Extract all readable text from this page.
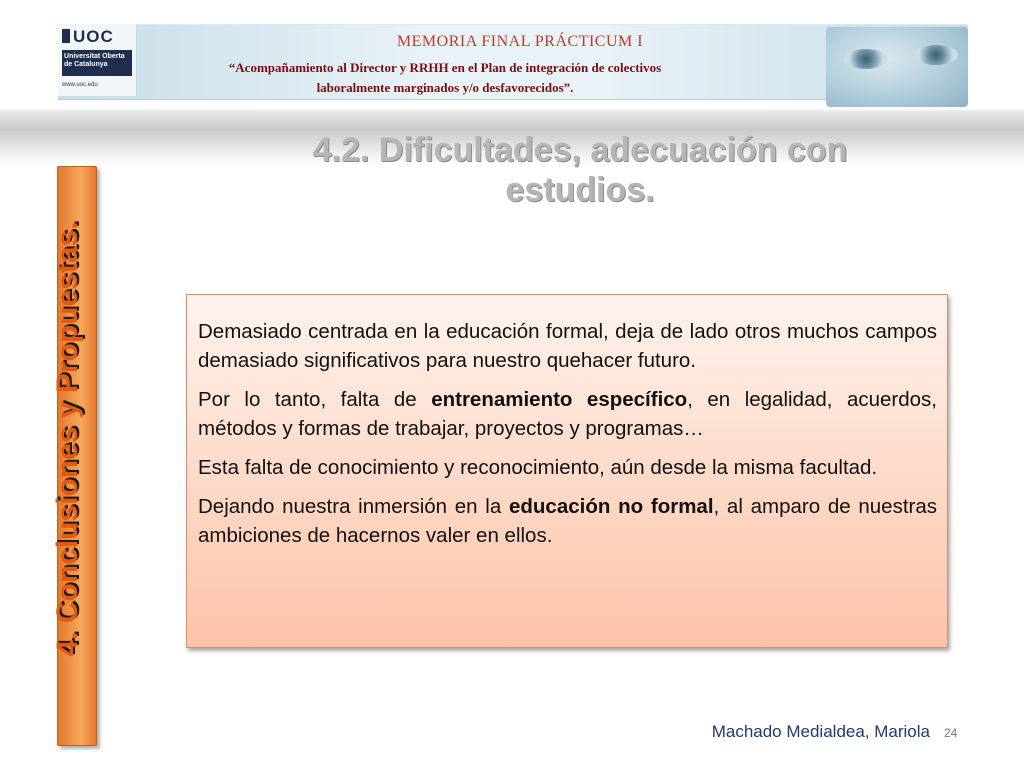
UOC
Universitat Oberta
de Catalunya
www.uoc.edu
MEMORIA FINAL PRÁCTICUM I
“Acompañamiento al Director y RRHH en el Plan de integración de colectivos
laboralmente marginados y/o desfavorecidos”.
4.2. Dificultades, adecuación con
estudios.
4. Conclusiones y Propuestas.	Demasiado centrada en la educación formal, deja de lado otros muchos campos demasiado significativos para nuestro quehacer futuro.

Por lo tanto, falta de entrenamiento específico, en legalidad, acuerdos, métodos y formas de trabajar, proyectos y programas…

Esta falta de conocimiento y reconocimiento, aún desde la misma facultad.

Dejando nuestra inmersión en la educación no formal, al amparo de nuestras ambiciones de hacernos valer en ellos.

Machado Medialdea, Mariola 24
